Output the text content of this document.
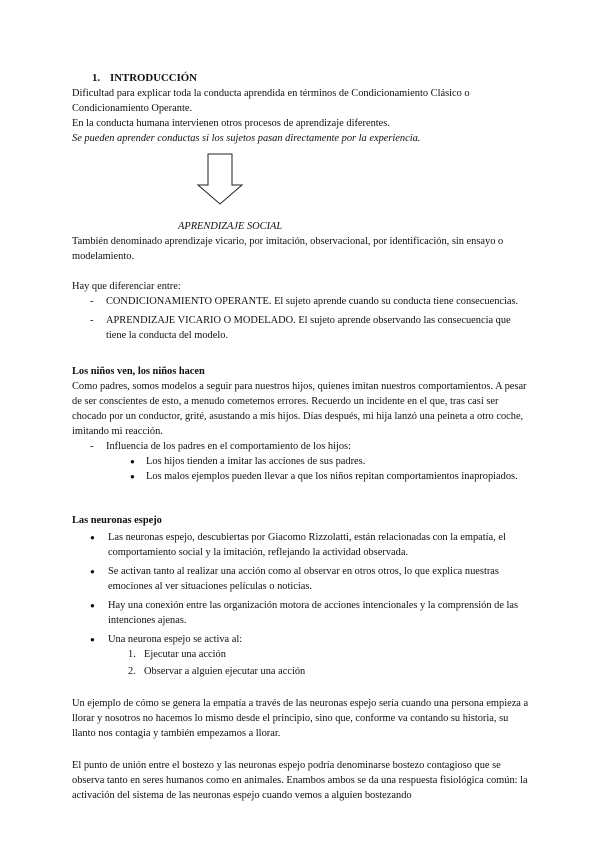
1. INTRODUCCIÓN
Dificultad para explicar toda la conducta aprendida en términos de Condicionamiento Clásico o Condicionamiento Operante.
En la conducta humana intervienen otros procesos de aprendizaje diferentes.
Se pueden aprender conductas si los sujetos pasan directamente por la experiencia.
APRENDIZAJE SOCIAL
También denominado aprendizaje vicario, por imitación, observacional, por identificación, sin ensayo o modelamiento.
Hay que diferenciar entre:
- CONDICIONAMIENTO OPERANTE. El sujeto aprende cuando su conducta tiene consecuencias.
- APRENDIZAJE VICARIO O MODELADO. El sujeto aprende observando las consecuencia que tiene la conducta del modelo.
Los niños ven, los niños hacen
Como padres, somos modelos a seguir para nuestros hijos, quienes imitan nuestros comportamientos. A pesar de ser conscientes de esto, a menudo cometemos errores. Recuerdo un incidente en el que, tras casi ser chocado por un conductor, grité, asustando a mis hijos. Días después, mi hija lanzó una peineta a otro coche, imitando mi reacción.
- Influencia de los padres en el comportamiento de los hijos:
● Los hijos tienden a imitar las acciones de sus padres.
● Los malos ejemplos pueden llevar a que los niños repitan comportamientos inapropiados.
Las neuronas espejo
● Las neuronas espejo, descubiertas por Giacomo Rizzolatti, están relacionadas con la empatía, el comportamiento social y la imitación, reflejando la actividad observada.
● Se activan tanto al realizar una acción como al observar en otros otros, lo que explica nuestras emociones al ver situaciones películas o noticias.
● Hay una conexión entre las organización motora de acciones intencionales y la comprensión de las intenciones ajenas.
● Una neurona espejo se activa al:
1. Ejecutar una acción
2. Observar a alguien ejecutar una acción
Un ejemplo de cómo se genera la empatía a través de las neuronas espejo sería cuando una persona empieza a llorar y nosotros no hacemos lo mismo desde el principio, sino que, conforme va contando su historia, su llanto nos contagia y también empezamos a llorar.
El punto de unión entre el bostezo y las neuronas espejo podría denominarse bostezo contagioso que se observa tanto en seres humanos como en animales. Enambos ambos se da una respuesta fisiológica común: la activación del sistema de las neuronas espejo cuando vemos a alguien bostezando
